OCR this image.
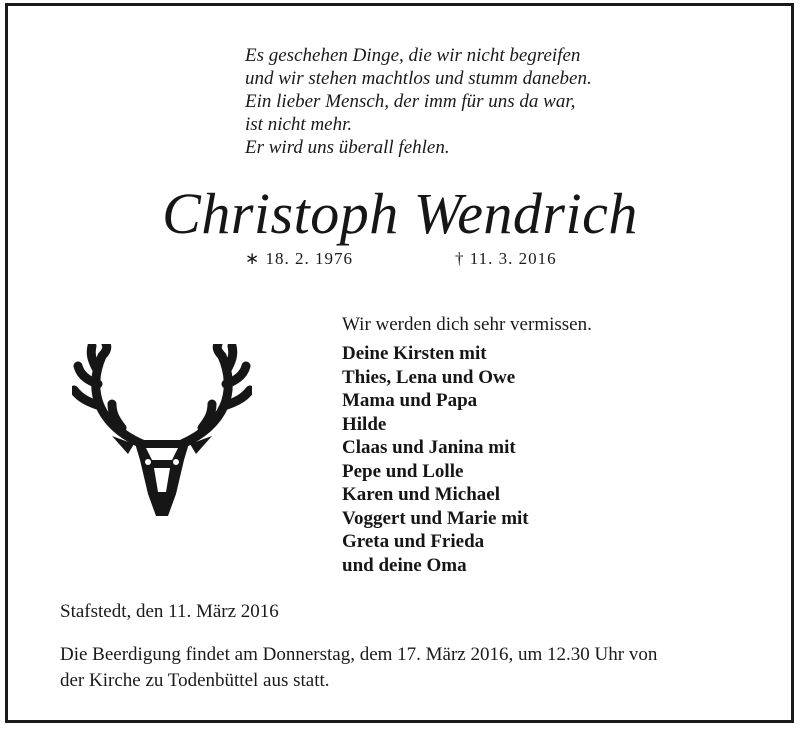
Es geschehen Dinge, die wir nicht begreifen
und wir stehen machtlos und stumm daneben.
Ein lieber Mensch, der imm für uns da war,
ist nicht mehr.
Er wird uns überall fehlen.
Christoph Wendrich
∗ 18. 2. 1976	† 11. 3. 2016
Wir werden dich sehr vermissen.
Deine Kirsten mit
Thies, Lena und Owe
Mama und Papa
Hilde
Claas und Janina mit
Pepe und Lolle
Karen und Michael
Voggert und Marie mit
Greta und Frieda
und deine Oma
Stafstedt, den 11. März 2016
Die Beerdigung findet am Donnerstag, dem 17. März 2016, um 12.30 Uhr von
der Kirche zu Todenbüttel aus statt.
